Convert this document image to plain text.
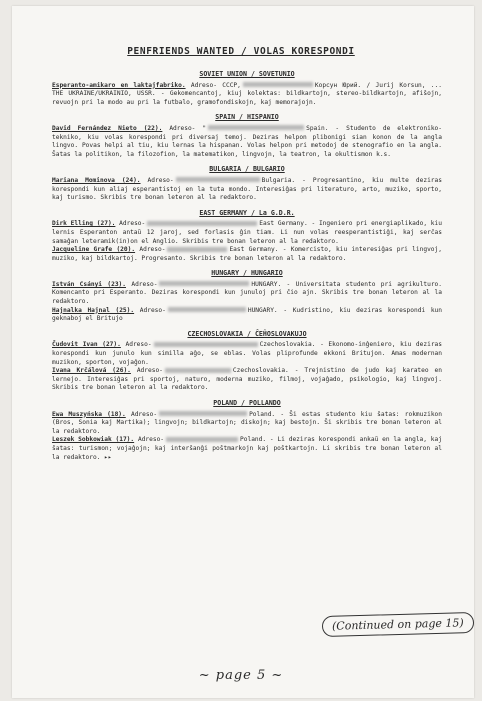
PENFRIENDS WANTED / VOLAS KORESPONDI
SOVIET UNION / SOVETUNIO

Esperanto-amikaro en laktajfabriko. Adreso- СССР,	Корсун Юрий. / Jurij Korsun, ... THE UKRAINE/UKRAINIO, USSR. - Gekomencantoj, kiuj kolektas: bildkartojn, stereo-bildkartojn, afiŝojn, revuojn pri la modo au pri la futbalo, gramofondiskojn, kaj memorajojn.

SPAIN / HISPANIO

David Fernández Nieto (22). Adreso- "	Spain. - Studento de elektroniko-tekniko, kiu volas korespondi pri diversaj temoj. Deziras helpon plibonigi sian konon de la angla lingvo. Povas helpi al tiu, kiu lernas la hispanan. Volas helpon pri metodoj de stenografio en la angla. Ŝatas la politikon, la filozofion, la matematikon, lingvojn, la teatron, la okultismon k.s.

BULGARIA / BULGARIO

Mariana Mominova (24). Adreso-	Bulgaria. - Progresantino, kiu multe deziras korespondi kun aliaj esperantistoj en la tuta mondo. Interesiĝas pri literaturo, arto, muziko, sporto, kaj turismo. Skribis tre bonan leteron al la redaktoro.

EAST GERMANY / La G.D.R.

Dirk Elling (27). Adreso-	East Germany. - Ingeniero pri energiaplikado, kiu lernis Esperanton antaŭ 12 jaroj, sed forlasis ĝin tiam. Li nun volas reesperantistiĝi, kaj serĉas samaĝan leteramik(in)on el Anglio. Skribis tre bonan leteron al la redaktoro.

Jacqueline Grafe (20). Adreso-	East Germany. - Komercisto, kiu interesiĝas pri lingvoj, muziko, kaj bildkartoj. Progresanto. Skribis tre bonan leteron al la redaktoro.

HUNGARY / HUNGARIO

István Csányi (23). Adreso-	HUNGARY. - Universitata studento pri agrikulturo. Komencanto pri Esperanto. Deziras korespondi kun junuloj pri ĉio ajn. Skribis tre bonan leteron al la redaktoro.

Hajnalka Hajnal (25). Adreso-	HUNGARY. - Kudristino, kiu deziras korespondi kun geknaboj el Britujo

CZECHOSLOVAKIA / ĈEĤOSLOVAKUJO

Ĉudovit Ivan (27). Adreso-	Czechoslovakia. - Ekonomo-inĝeniero, kiu deziras korespondi kun junulo kun similla aĝo, se eblas. Volas pliprofunde ekkoni Britujon. Amas modernan muzikon, sporton, vojaĝon.

Ivana Krĉálová (26). Adreso-	Czechoslovakia. - Trejnistino de judo kaj karateo en lernejo. Interesiĝas pri sportoj, naturo, moderna muziko, filmoj, vojaĝado, psikologio, kaj lingvoj. Skribis tre bonan leteron al la redaktoro.

POLAND / POLLANDO

Ewa Muszyńska (18). Adreso-	Poland. - Ŝi estas studento kiu ŝatas: rokmuzikon (Bros, Sonia kaj Martika); lingvojn; bildkartojn; diskojn; kaj bestojn. Ŝi skribis tre bonan leteron al la redaktoro.

Leszek Sobkowiak (17). Adreso-	Poland. - Li deziras korespondi ankaŭ en la angla, kaj ŝatas: turismon; vojaĝojn; kaj interŝanĝi poŝtmarkojn kaj poŝtkartojn. Li skribis tre bonan leteron al la redaktoro. ▸▸

(Continued on page 15)
~ page 5 ~
